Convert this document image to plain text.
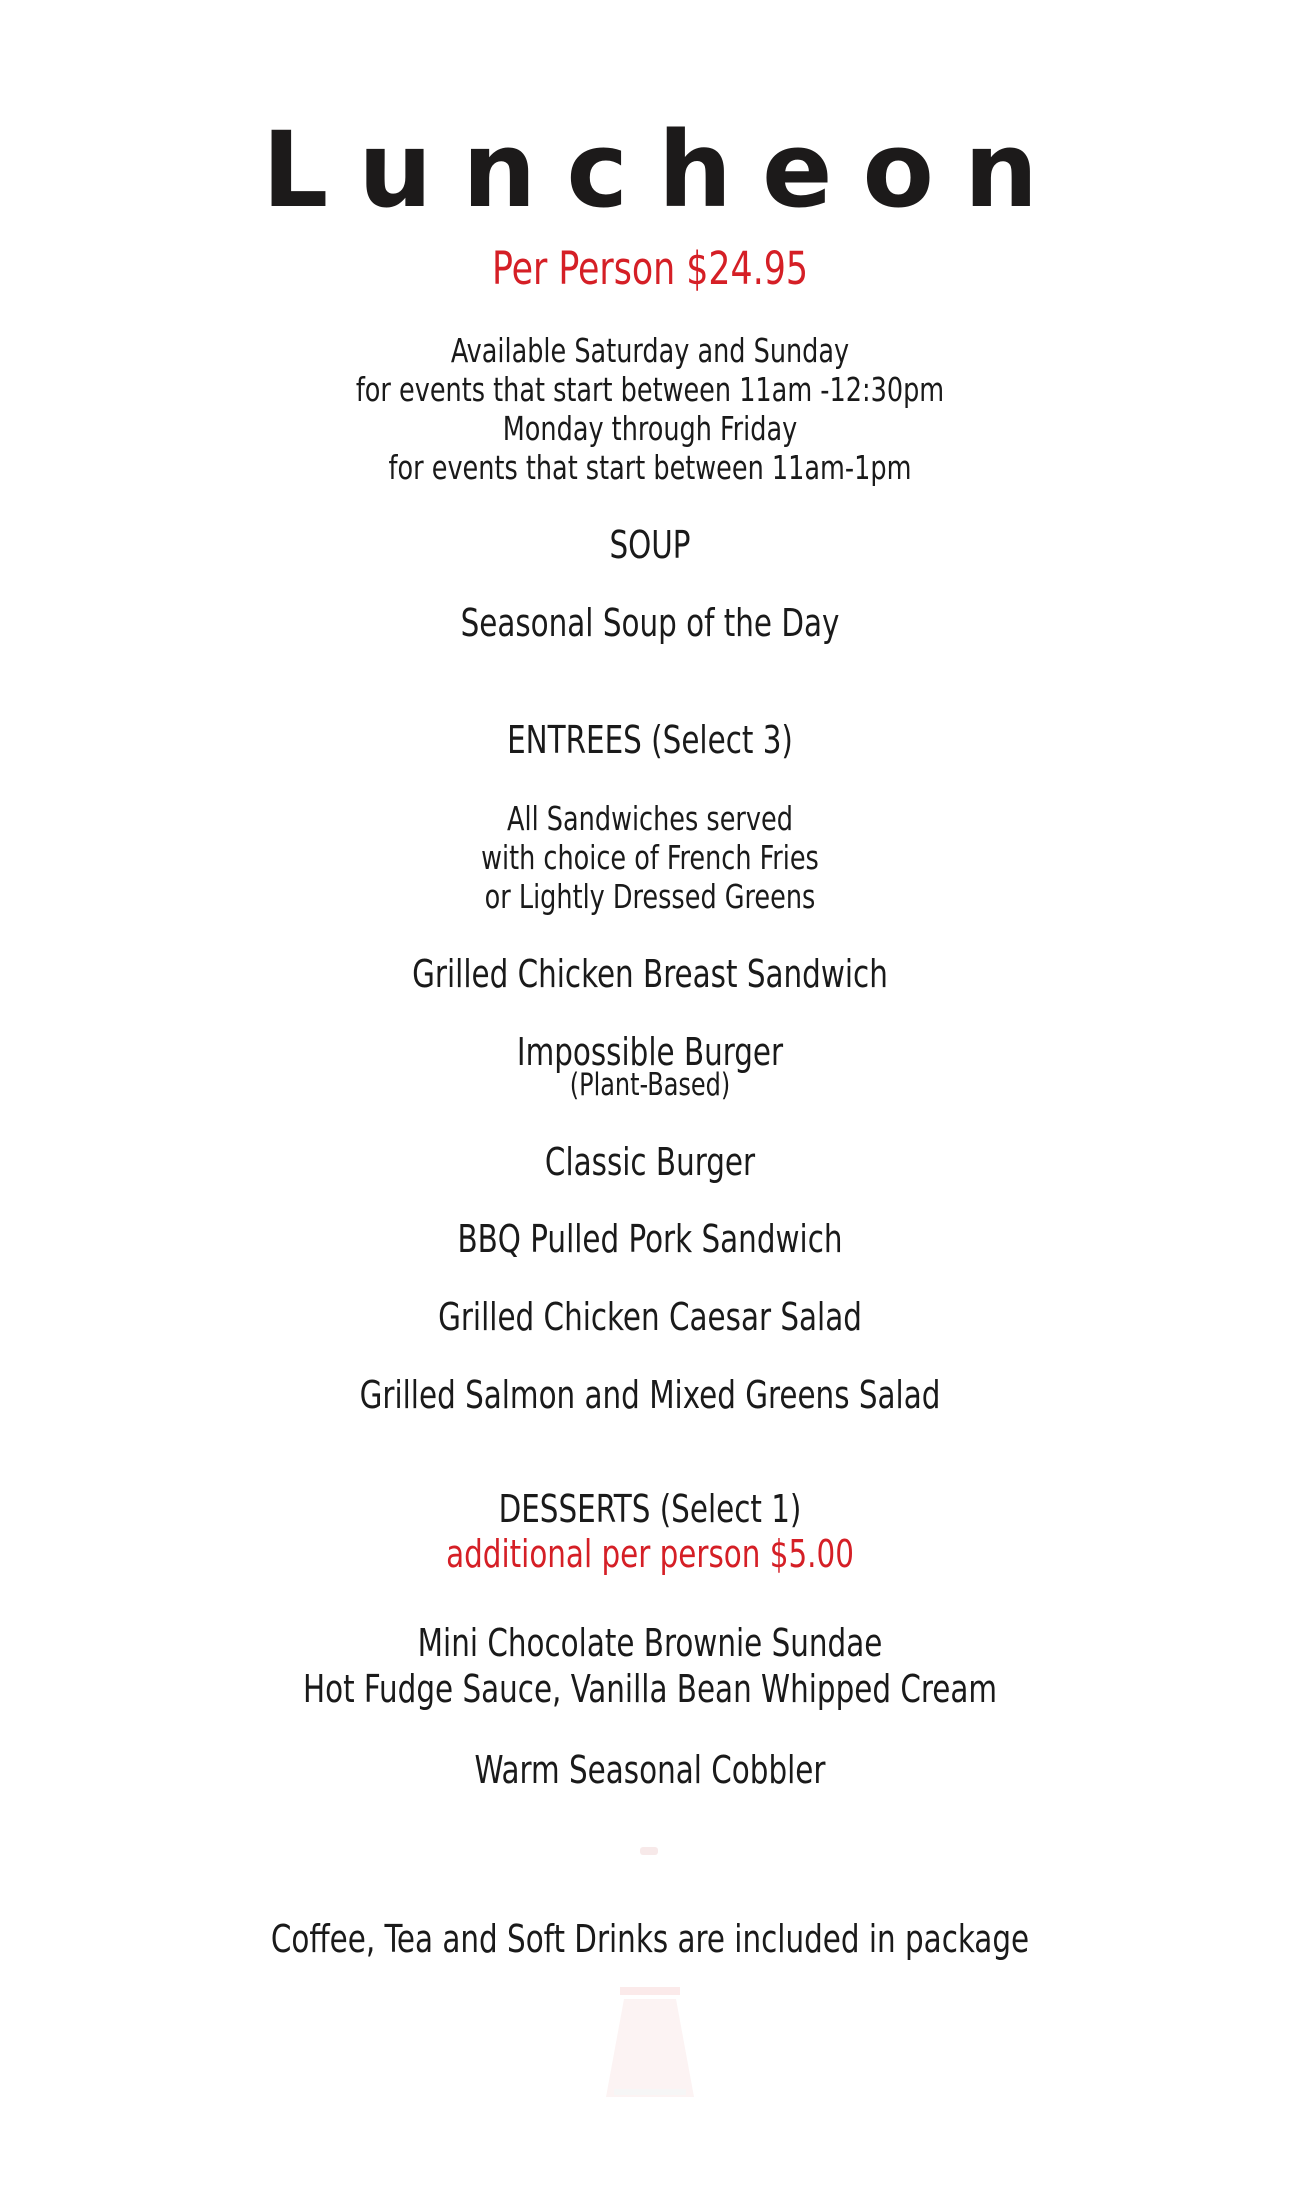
Luncheon
Per Person $24.95
Available Saturday and Sunday
for events that start between 11am -12:30pm
Monday through Friday
for events that start between 11am-1pm
SOUP
Seasonal Soup of the Day
ENTREES (Select 3)
All Sandwiches served
with choice of French Fries
or Lightly Dressed Greens
Grilled Chicken Breast Sandwich
Impossible Burger
(Plant-Based)
Classic Burger
BBQ Pulled Pork Sandwich
Grilled Chicken Caesar Salad
Grilled Salmon and Mixed Greens Salad
DESSERTS (Select 1)
additional per person $5.00
Mini Chocolate Brownie Sundae
Hot Fudge Sauce, Vanilla Bean Whipped Cream
Warm Seasonal Cobbler
Coffee, Tea and Soft Drinks are included in package
